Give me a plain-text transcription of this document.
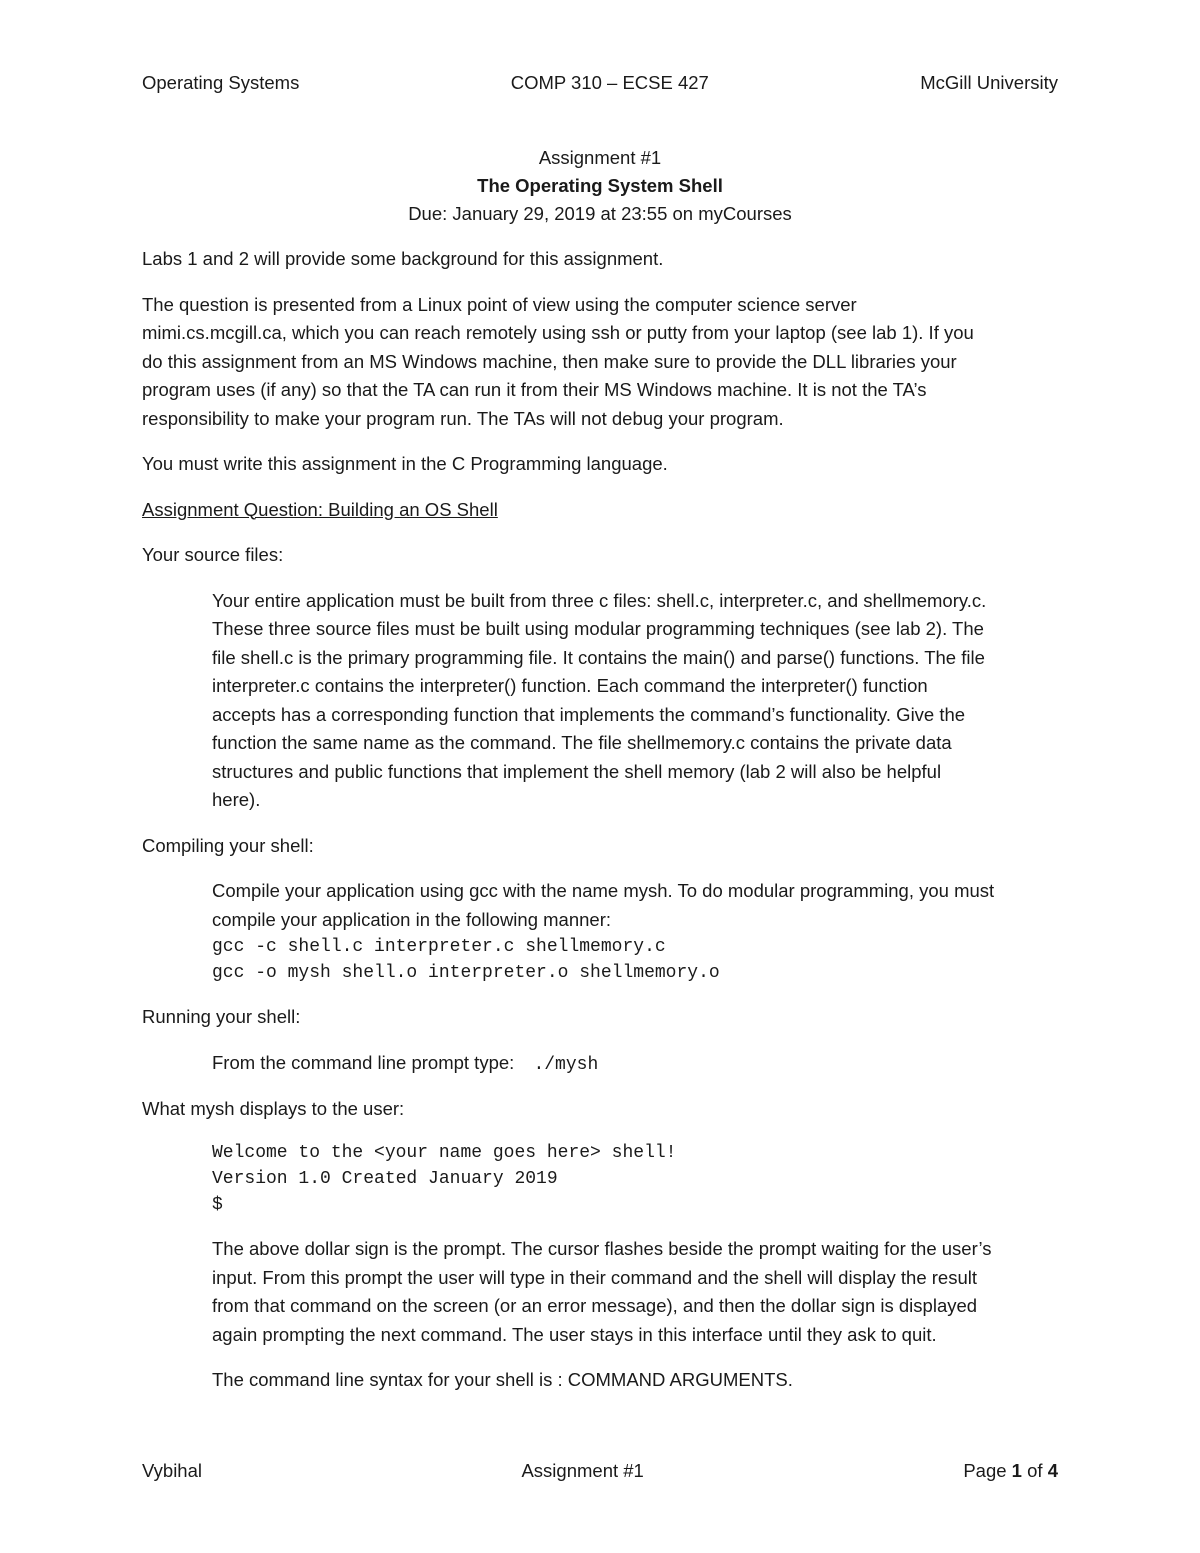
Operating Systems	COMP 310 – ECSE 427	McGill University
Assignment #1
The Operating System Shell
Due: January 29, 2019 at 23:55 on myCourses

Labs 1 and 2 will provide some background for this assignment.

The question is presented from a Linux point of view using the computer science server
mimi.cs.mcgill.ca, which you can reach remotely using ssh or putty from your laptop (see lab 1). If you
do this assignment from an MS Windows machine, then make sure to provide the DLL libraries your
program uses (if any) so that the TA can run it from their MS Windows machine. It is not the TA’s
responsibility to make your program run. The TAs will not debug your program.

You must write this assignment in the C Programming language.

Assignment Question: Building an OS Shell

Your source files:

Your entire application must be built from three c files: shell.c, interpreter.c, and shellmemory.c.
These three source files must be built using modular programming techniques (see lab 2). The
file shell.c is the primary programming file. It contains the main() and parse() functions. The file
interpreter.c contains the interpreter() function. Each command the interpreter() function
accepts has a corresponding function that implements the command’s functionality. Give the
function the same name as the command. The file shellmemory.c contains the private data
structures and public functions that implement the shell memory (lab 2 will also be helpful
here).

Compiling your shell:

Compile your application using gcc with the name mysh. To do modular programming, you must
compile your application in the following manner:
gcc -c shell.c interpreter.c shellmemory.c
gcc -o mysh shell.o interpreter.o shellmemory.o

Running your shell:

From the command line prompt type: ./mysh

What mysh displays to the user:

Welcome to the <your name goes here> shell!
Version 1.0 Created January 2019
$

The above dollar sign is the prompt. The cursor flashes beside the prompt waiting for the user’s
input. From this prompt the user will type in their command and the shell will display the result
from that command on the screen (or an error message), and then the dollar sign is displayed
again prompting the next command. The user stays in this interface until they ask to quit.

The command line syntax for your shell is : COMMAND ARGUMENTS.

Vybihal	Assignment #1	Page 1 of 4
